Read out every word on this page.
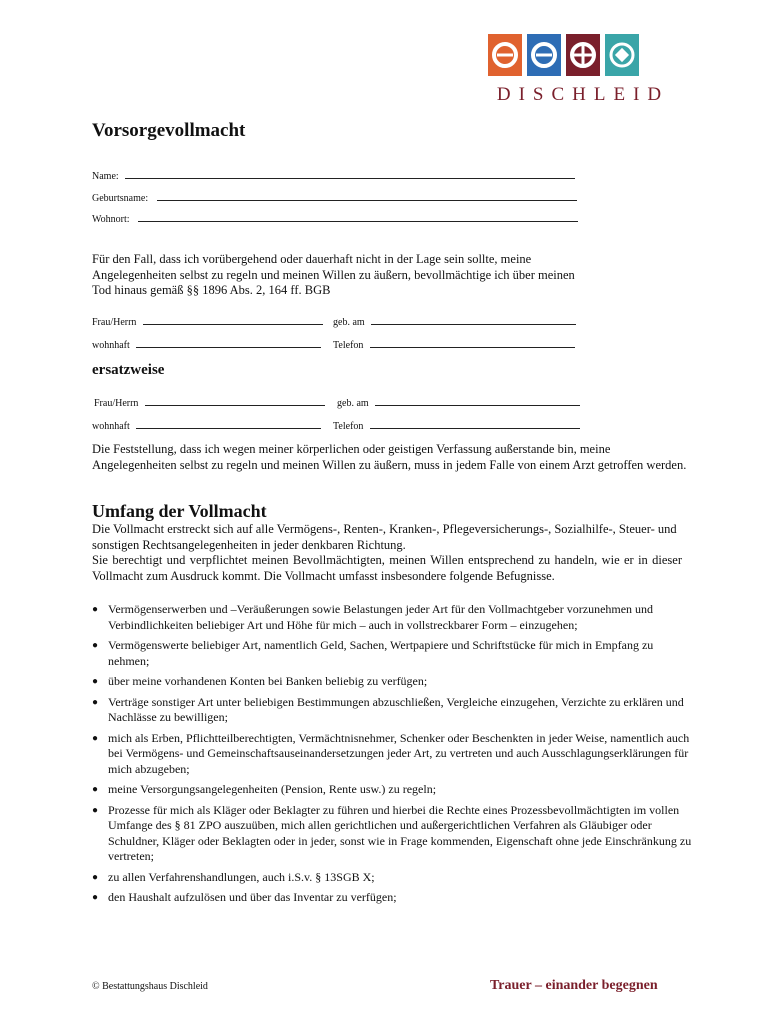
DISCHLEID
Vorsorgevollmacht
Name:
Geburtsname:
Wohnort:
Für den Fall, dass ich vorübergehend oder dauerhaft nicht in der Lage sein sollte, meine Angelegenheiten selbst zu regeln und meinen Willen zu äußern, bevollmächtige ich über meinen Tod hinaus gemäß §§ 1896 Abs. 2, 164 ff. BGB
Frau/Herrn	geb. am
wohnhaft	Telefon
ersatzweise
Frau/Herrn	geb. am
wohnhaft	Telefon
Die Feststellung, dass ich wegen meiner körperlichen oder geistigen Verfassung außerstande bin, meine Angelegenheiten selbst zu regeln und meinen Willen zu äußern, muss in jedem Falle von einem Arzt getroffen werden.
Umfang der Vollmacht
Die Vollmacht erstreckt sich auf alle Vermögens-, Renten-, Kranken-, Pflegeversicherungs-, Sozialhilfe-, Steuer- und sonstigen Rechtsangelegenheiten in jeder denkbaren Richtung.
Sie berechtigt und verpflichtet meinen Bevollmächtigten, meinen Willen entsprechend zu handeln, wie er in dieser Vollmacht zum Ausdruck kommt. Die Vollmacht umfasst insbesondere folgende Befugnisse.
● Vermögenserwerben und –Veräußerungen sowie Belastungen jeder Art für den Vollmachtgeber vorzunehmen und Verbindlichkeiten beliebiger Art und Höhe für mich – auch in vollstreckbarer Form – einzugehen;
● Vermögenswerte beliebiger Art, namentlich Geld, Sachen, Wertpapiere und Schriftstücke für mich in Empfang zu nehmen;
● über meine vorhandenen Konten bei Banken beliebig zu verfügen;
● Verträge sonstiger Art unter beliebigen Bestimmungen abzuschließen, Vergleiche einzugehen, Verzichte zu erklären und Nachlässe zu bewilligen;
● mich als Erben, Pflichtteilberechtigten, Vermächtnisnehmer, Schenker oder Beschenkten in jeder Weise, namentlich auch bei Vermögens- und Gemeinschaftsauseinandersetzungen jeder Art, zu vertreten und auch Ausschlagungserklärungen für mich abzugeben;
● meine Versorgungsangelegenheiten (Pension, Rente usw.) zu regeln;
● Prozesse für mich als Kläger oder Beklagter zu führen und hierbei die Rechte eines Prozessbevollmächtigten im vollen Umfange des § 81 ZPO auszuüben, mich allen gerichtlichen und außergerichtlichen Verfahren als Gläubiger oder Schuldner, Kläger oder Beklagten oder in jeder, sonst wie in Frage kommenden, Eigenschaft ohne jede Einschränkung zu vertreten;
● zu allen Verfahrenshandlungen, auch i.S.v. § 13SGB X;
● den Haushalt aufzulösen und über das Inventar zu verfügen;
© Bestattungshaus Dischleid	Trauer – einander begegnen
